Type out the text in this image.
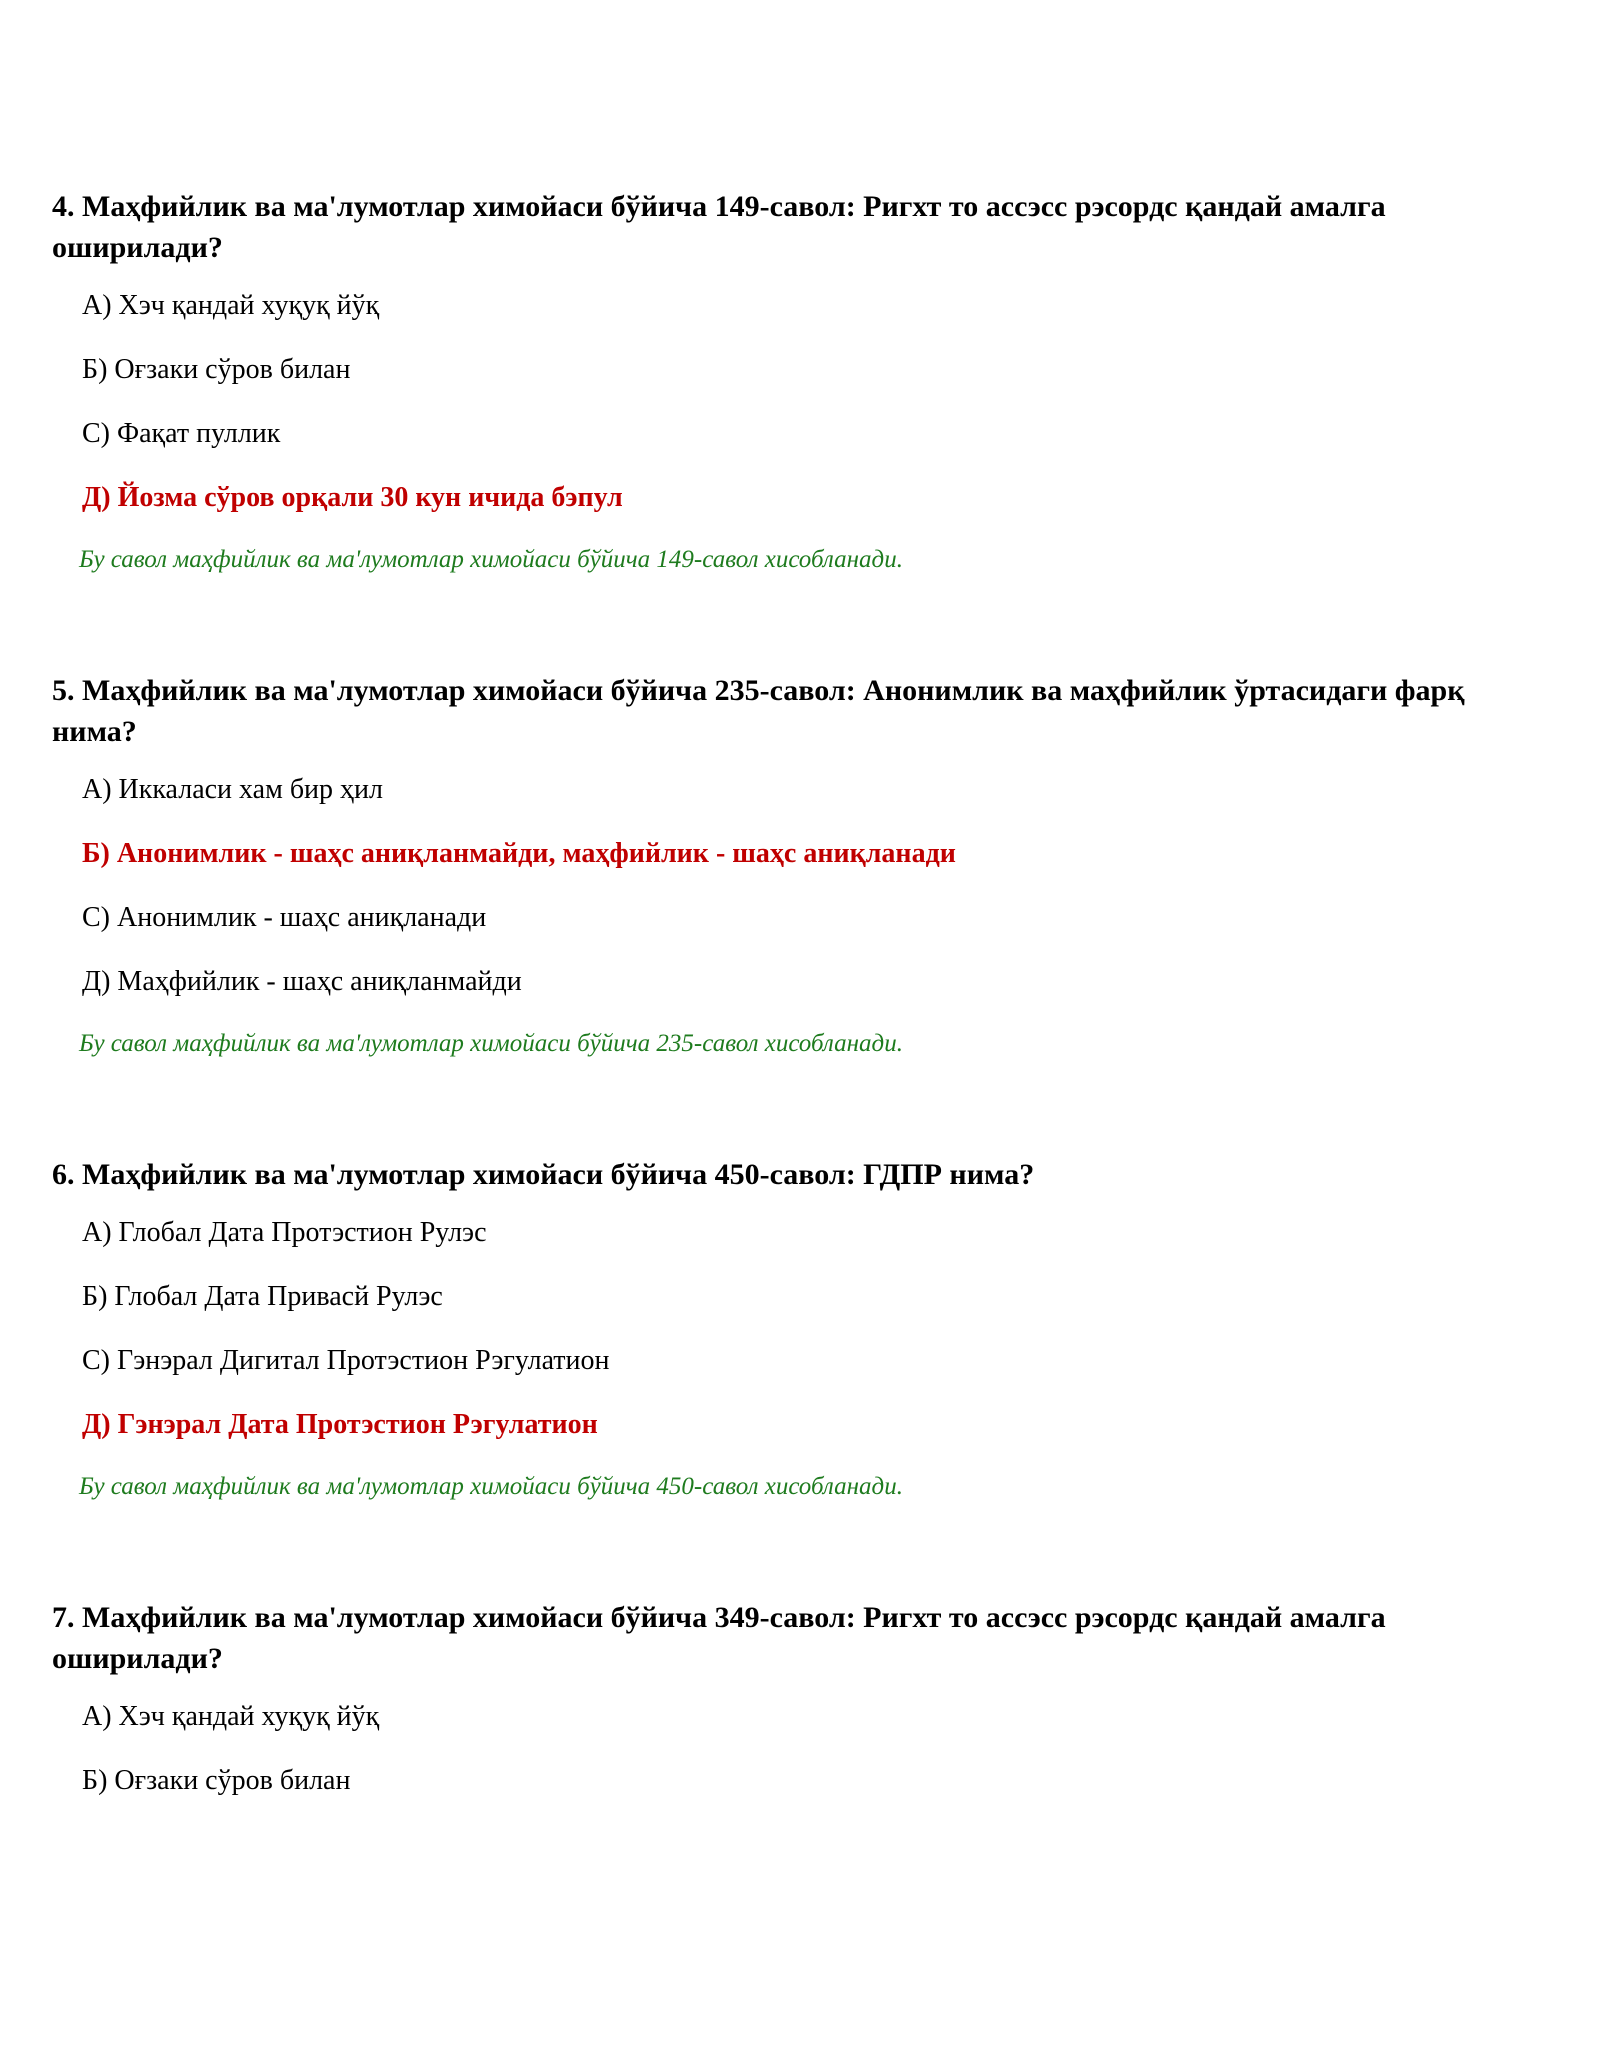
4. Маҳфийлик ва ма'лумотлар химойаси бўйича 149-савол: Ригхт то ассэсс рэсордс қандай амалга оширилади?
A) Хэч қандай хуқуқ йўқ
Б) Оғзаки сўров билан
C) Фақат пуллик
Д) Йозма сўров орқали 30 кун ичида бэпул
Бу савол маҳфийлик ва ма'лумотлар химойаси бўйича 149-савол хисобланади.
5. Маҳфийлик ва ма'лумотлар химойаси бўйича 235-савол: Анонимлик ва маҳфийлик ўртасидаги фарқ нима?
A) Иккаласи хам бир ҳил
Б) Анонимлик - шаҳс аниқланмайди, маҳфийлик - шаҳс аниқланади
C) Анонимлик - шаҳс аниқланади
Д) Маҳфийлик - шаҳс аниқланмайди
Бу савол маҳфийлик ва ма'лумотлар химойаси бўйича 235-савол хисобланади.
6. Маҳфийлик ва ма'лумотлар химойаси бўйича 450-савол: ГДПР нима?
A) Глобал Дата Протэстион Рулэс
Б) Глобал Дата Привасй Рулэс
C) Гэнэрал Дигитал Протэстион Рэгулатион
Д) Гэнэрал Дата Протэстион Рэгулатион
Бу савол маҳфийлик ва ма'лумотлар химойаси бўйича 450-савол хисобланади.
7. Маҳфийлик ва ма'лумотлар химойаси бўйича 349-савол: Ригхт то ассэсс рэсордс қандай амалга оширилади?
A) Хэч қандай хуқуқ йўқ
Б) Оғзаки сўров билан
